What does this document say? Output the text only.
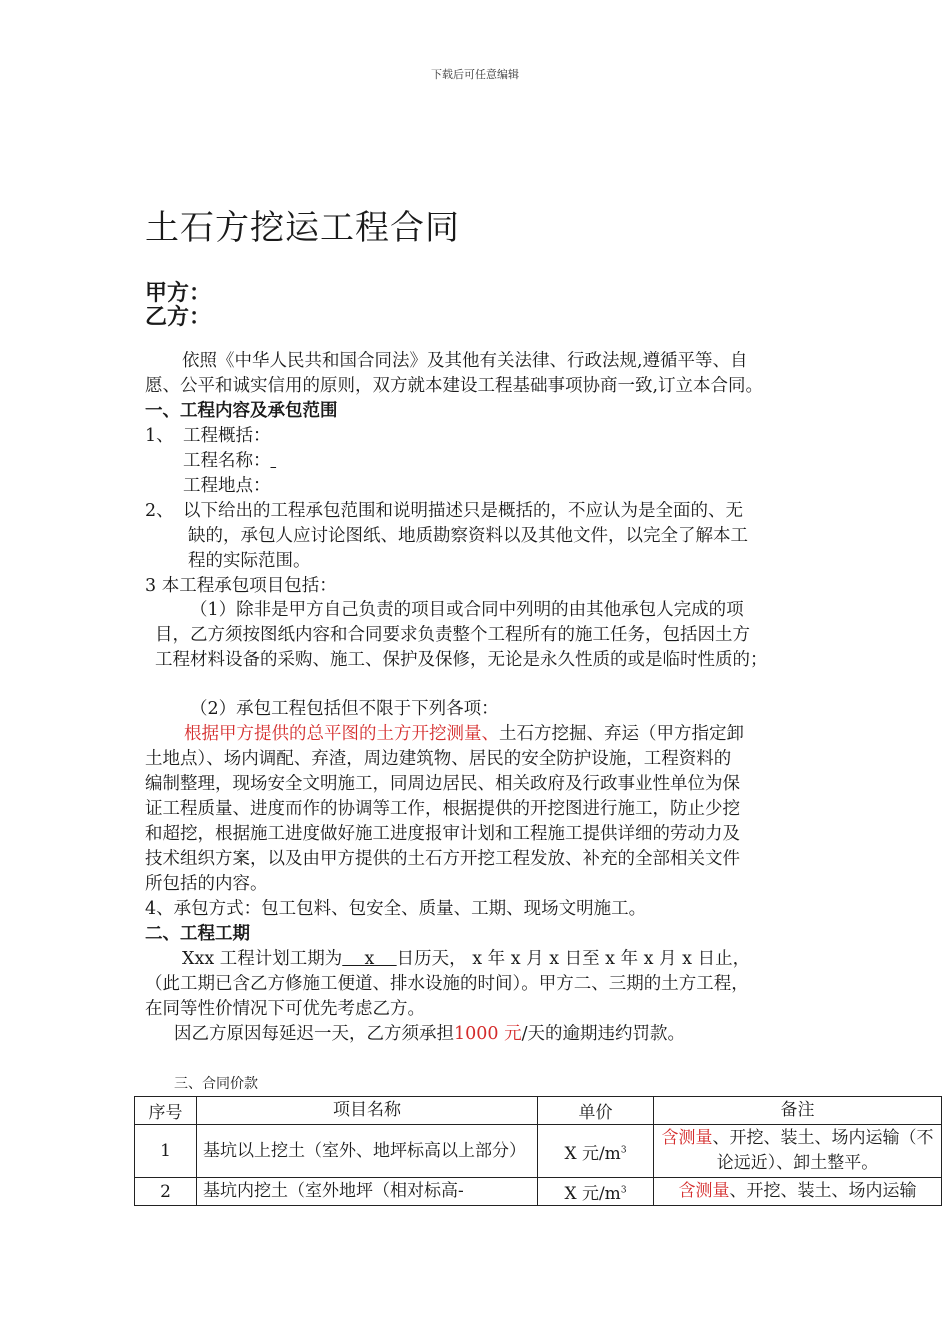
下载后可任意编辑
土石方挖运工程合同
甲方：
乙方：
依照《中华人民共和国合同法》及其他有关法律、行政法规,遵循平等、自
愿、公平和诚实信用的原则，双方就本建设工程基础事项协商一致,订立本合同。
一、工程内容及承包范围
1、 工程概括：
工程名称：
工程地点：
2、 以下给出的工程承包范围和说明描述只是概括的，不应认为是全面的、无
缺的，承包人应讨论图纸、地质勘察资料以及其他文件，以完全了解本工
程的实际范围。
3 本工程承包项目包括：
（1）除非是甲方自己负责的项目或合同中列明的由其他承包人完成的项
目，乙方须按图纸内容和合同要求负责整个工程所有的施工任务，包括因土方
工程材料设备的采购、施工、保护及保修，无论是永久性质的或是临时性质的；
（2）承包工程包括但不限于下列各项：
根据甲方提供的总平图的土方开挖测量、土石方挖掘、弃运（甲方指定卸
土地点）、场内调配、弃渣，周边建筑物、居民的安全防护设施，工程资料的
编制整理，现场安全文明施工，同周边居民、相关政府及行政事业性单位为保
证工程质量、进度而作的协调等工作，根据提供的开挖图进行施工，防止少挖
和超挖，根据施工进度做好施工进度报审计划和工程施工提供详细的劳动力及
技术组织方案，以及由甲方提供的土石方开挖工程发放、补充的全部相关文件
所包括的内容。
4、承包方式：包工包料、包安全、质量、工期、现场文明施工。
二、工程工期
Xxx 工程计划工期为    x    日历天， x 年 x 月 x 日至 x 年 x 月 x 日止，
（此工期已含乙方修施工便道、排水设施的时间）。甲方二、三期的土方工程，
在同等性价情况下可优先考虑乙方。
因乙方原因每延迟一天，乙方须承担1000 元/天的逾期违约罚款。
三、合同价款
序号	项目名称	单价	备注
1	基坑以上挖土（室外、地坪标高以上部分）	X 元$/m^3$	含测量、开挖、装土、场内运输（不论远近）、卸土整平。
2	基坑内挖土（室外地坪（相对标高-	X 元$/m^3$	含测量、开挖、装土、场内运输
